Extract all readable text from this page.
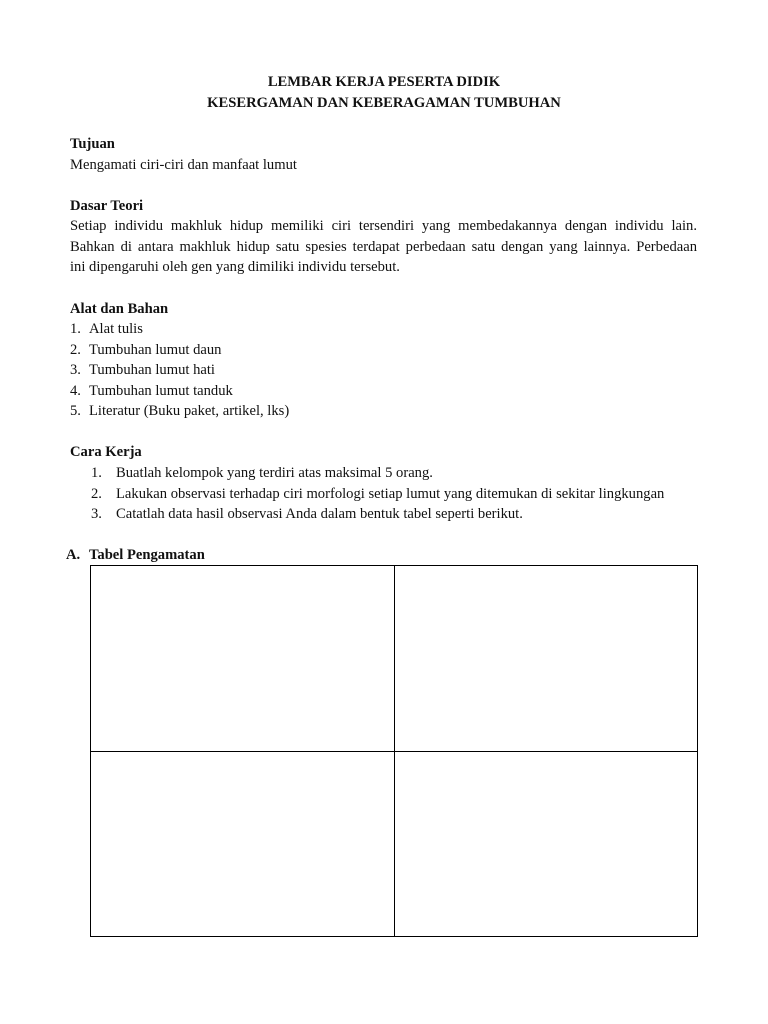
LEMBAR KERJA PESERTA DIDIK
KESERGAMAN DAN KEBERAGAMAN TUMBUHAN
Tujuan
Mengamati ciri-ciri dan manfaat lumut
Dasar Teori
Setiap individu makhluk hidup memiliki ciri tersendiri yang membedakannya dengan individu lain.
Bahkan di antara makhluk hidup satu spesies terdapat perbedaan satu dengan yang lainnya. Perbedaan
ini dipengaruhi oleh gen yang dimiliki individu tersebut.
Alat dan Bahan
1. Alat tulis
2. Tumbuhan lumut daun
3. Tumbuhan lumut hati
4. Tumbuhan lumut tanduk
5. Literatur (Buku paket, artikel, lks)
Cara Kerja
1. Buatlah kelompok yang terdiri atas maksimal 5 orang.
2. Lakukan observasi terhadap ciri morfologi setiap lumut yang ditemukan di sekitar lingkungan
3. Catatlah data hasil observasi Anda dalam bentuk tabel seperti berikut.
A. Tabel Pengamatan
